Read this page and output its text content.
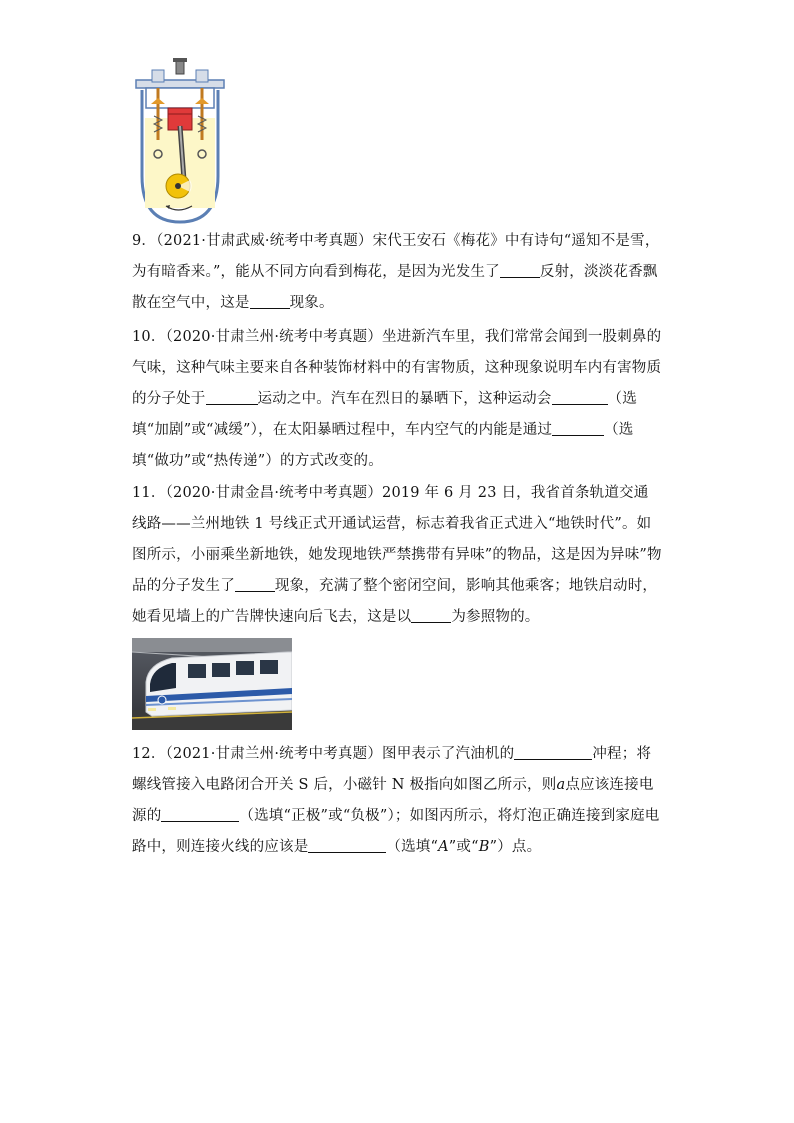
9．（2021·甘肃武威·统考中考真题）宋代王安石《梅花》中有诗句“遥知不是雪，为有暗香来。”，能从不同方向看到梅花，是因为光发生了	反射，淡淡花香飘散在空气中，这是	现象。
10．（2020·甘肃兰州·统考中考真题）坐进新汽车里，我们常常会闻到一股刺鼻的气味，这种气味主要来自各种装饰材料中的有害物质，这种现象说明车内有害物质的分子处于	运动之中。汽车在烈日的暴晒下，这种运动会	（选填“加剧”或“减缓”），在太阳暴晒过程中，车内空气的内能是通过	（选填“做功”或“热传递”）的方式改变的。
11．（2020·甘肃金昌·统考中考真题）2019 年 6 月 23 日，我省首条轨道交通线路——兰州地铁 1 号线正式开通试运营，标志着我省正式进入“地铁时代”。如图所示，小丽乘坐新地铁，她发现地铁严禁携带有异味”的物品，这是因为异味”物品的分子发生了	现象，充满了整个密闭空间，影响其他乘客；地铁启动时，她看见墙上的广告牌快速向后飞去，这是以	为参照物的。
12．（2021·甘肃兰州·统考中考真题）图甲表示了汽油机的	冲程；将螺线管接入电路闭合开关 S 后，小磁针 N 极指向如图乙所示，则a点应该连接电源的	（选填“正极”或“负极”）；如图丙所示，将灯泡正确连接到家庭电路中，则连接火线的应该是	（选填“A”或“B”）点。
